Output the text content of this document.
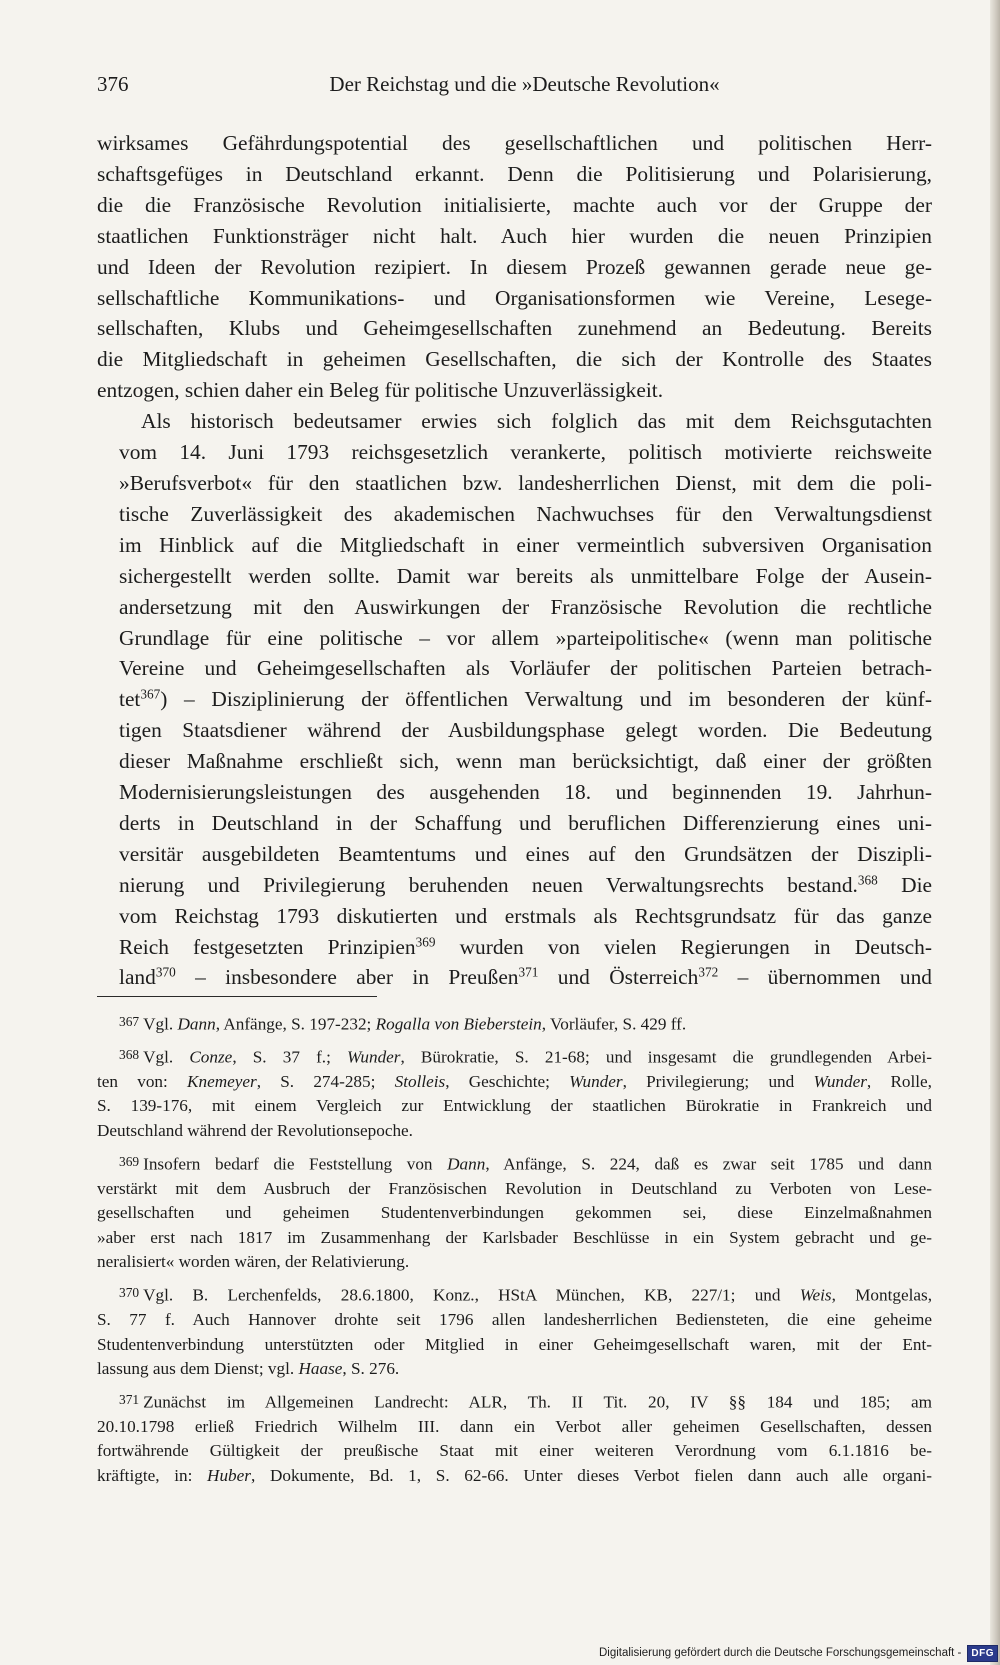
376	Der Reichstag und die »Deutsche Revolution«

wirksames Gefährdungspotential des gesellschaftlichen und politischen Herr-
schaftsgefüges in Deutschland erkannt. Denn die Politisierung und Polarisierung,
die die Französische Revolution initialisierte, machte auch vor der Gruppe der
staatlichen Funktionsträger nicht halt. Auch hier wurden die neuen Prinzipien
und Ideen der Revolution rezipiert. In diesem Prozeß gewannen gerade neue ge-
sellschaftliche Kommunikations- und Organisationsformen wie Vereine, Lesege-
sellschaften, Klubs und Geheimgesellschaften zunehmend an Bedeutung. Bereits
die Mitgliedschaft in geheimen Gesellschaften, die sich der Kontrolle des Staates
entzogen, schien daher ein Beleg für politische Unzuverlässigkeit.

Als historisch bedeutsamer erwies sich folglich das mit dem Reichsgutachten
vom 14. Juni 1793 reichsgesetzlich verankerte, politisch motivierte reichsweite
»Berufsverbot« für den staatlichen bzw. landesherrlichen Dienst, mit dem die poli-
tische Zuverlässigkeit des akademischen Nachwuchses für den Verwaltungsdienst
im Hinblick auf die Mitgliedschaft in einer vermeintlich subversiven Organisation
sichergestellt werden sollte. Damit war bereits als unmittelbare Folge der Ausein-
andersetzung mit den Auswirkungen der Französische Revolution die rechtliche
Grundlage für eine politische – vor allem »parteipolitische« (wenn man politische
Vereine und Geheimgesellschaften als Vorläufer der politischen Parteien betrach-
tet$^{367}$) – Disziplinierung der öffentlichen Verwaltung und im besonderen der künf-
tigen Staatsdiener während der Ausbildungsphase gelegt worden. Die Bedeutung
dieser Maßnahme erschließt sich, wenn man berücksichtigt, daß einer der größten
Modernisierungsleistungen des ausgehenden 18. und beginnenden 19. Jahrhun-
derts in Deutschland in der Schaffung und beruflichen Differenzierung eines uni-
versitär ausgebildeten Beamtentums und eines auf den Grundsätzen der Diszipli-
nierung und Privilegierung beruhenden neuen Verwaltungsrechts bestand.$^{368}$ Die
vom Reichstag 1793 diskutierten und erstmals als Rechtsgrundsatz für das ganze
Reich festgesetzten Prinzipien$^{369}$ wurden von vielen Regierungen in Deutsch-
land$^{370}$ – insbesondere aber in Preußen$^{371}$ und Österreich$^{372}$ – übernommen und

367 Vgl. Dann, Anfänge, S. 197-232; Rogalla von Bieberstein, Vorläufer, S. 429 ff.
368 Vgl. Conze, S. 37 f.; Wunder, Bürokratie, S. 21-68; und insgesamt die grundlegenden Arbei-
ten von: Knemeyer, S. 274-285; Stolleis, Geschichte; Wunder, Privilegierung; und Wunder, Rolle,
S. 139-176, mit einem Vergleich zur Entwicklung der staatlichen Bürokratie in Frankreich und
Deutschland während der Revolutionsepoche.
369 Insofern bedarf die Feststellung von Dann, Anfänge, S. 224, daß es zwar seit 1785 und dann
verstärkt mit dem Ausbruch der Französischen Revolution in Deutschland zu Verboten von Lese-
gesellschaften und geheimen Studentenverbindungen gekommen sei, diese Einzelmaßnahmen
»aber erst nach 1817 im Zusammenhang der Karlsbader Beschlüsse in ein System gebracht und ge-
neralisiert« worden wären, der Relativierung.
370 Vgl. B. Lerchenfelds, 28.6.1800, Konz., HStA München, KB, 227/1; und Weis, Montgelas,
S. 77 f. Auch Hannover drohte seit 1796 allen landesherrlichen Bediensteten, die eine geheime
Studentenverbindung unterstützten oder Mitglied in einer Geheimgesellschaft waren, mit der Ent-
lassung aus dem Dienst; vgl. Haase, S. 276.
371 Zunächst im Allgemeinen Landrecht: ALR, Th. II Tit. 20, IV §§ 184 und 185; am
20.10.1798 erließ Friedrich Wilhelm III. dann ein Verbot aller geheimen Gesellschaften, dessen
fortwährende Gültigkeit der preußische Staat mit einer weiteren Verordnung vom 6.1.1816 be-
kräftigte, in: Huber, Dokumente, Bd. 1, S. 62-66. Unter dieses Verbot fielen dann auch alle organi-
Digitalisierung gefördert durch die Deutsche Forschungsgemeinschaft -	DFG
